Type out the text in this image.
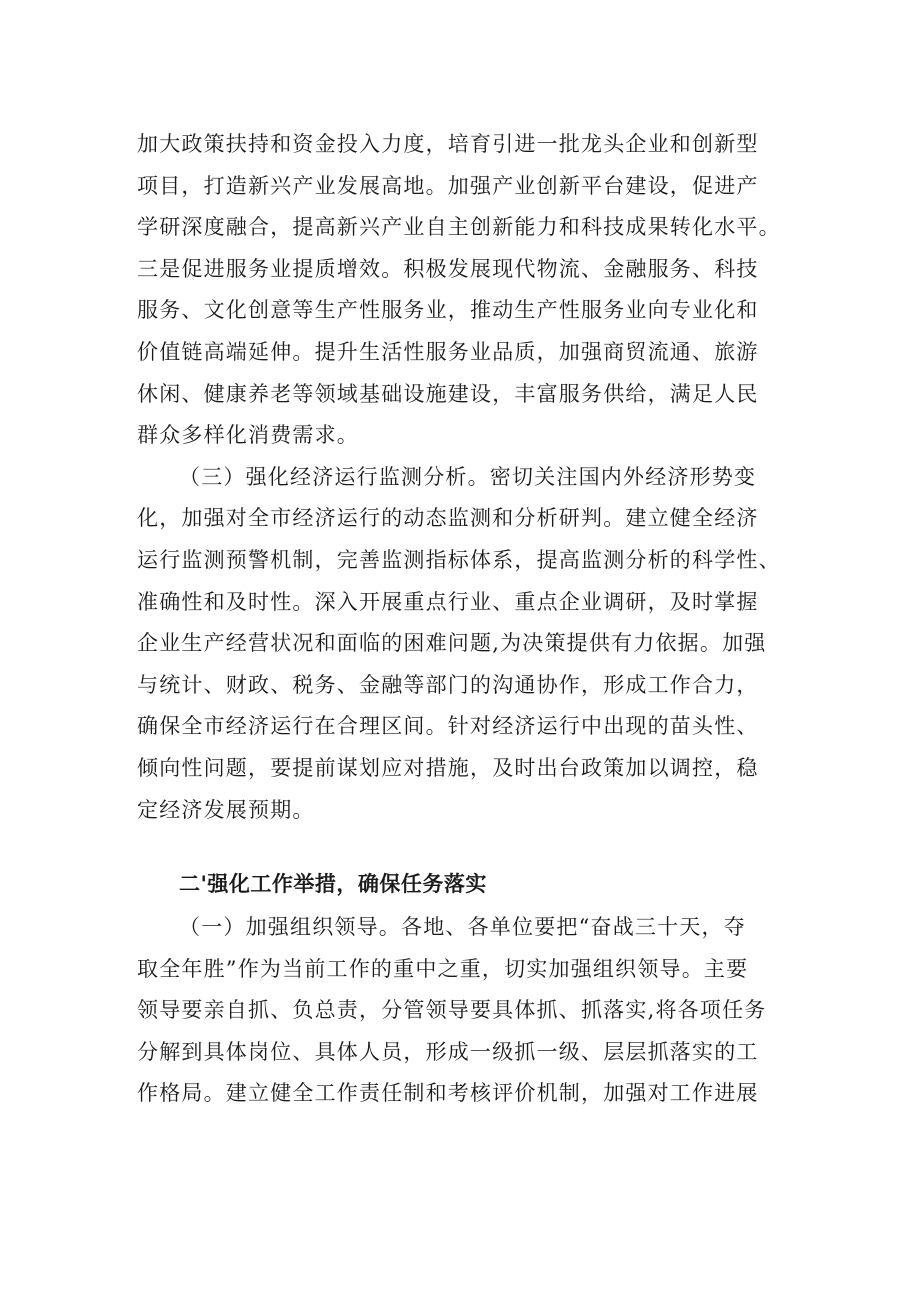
加大政策扶持和资金投入力度，培育引进一批龙头企业和创新型
项目，打造新兴产业发展高地。加强产业创新平台建设，促进产
学研深度融合，提高新兴产业自主创新能力和科技成果转化水平。
三是促进服务业提质增效。积极发展现代物流、金融服务、科技
服务、文化创意等生产性服务业，推动生产性服务业向专业化和
价值链高端延伸。提升生活性服务业品质，加强商贸流通、旅游
休闲、健康养老等领域基础设施建设，丰富服务供给，满足人民
群众多样化消费需求。
（三）强化经济运行监测分析。密切关注国内外经济形势变
化，加强对全市经济运行的动态监测和分析研判。建立健全经济
运行监测预警机制，完善监测指标体系，提高监测分析的科学性、
准确性和及时性。深入开展重点行业、重点企业调研，及时掌握
企业生产经营状况和面临的困难问题,为决策提供有力依据。加强
与统计、财政、税务、金融等部门的沟通协作，形成工作合力，
确保全市经济运行在合理区间。针对经济运行中出现的苗头性、
倾向性问题，要提前谋划应对措施，及时出台政策加以调控，稳
定经济发展预期。
二'强化工作举措，确保任务落实
（一）加强组织领导。各地、各单位要把“奋战三十天，夺
取全年胜”作为当前工作的重中之重，切实加强组织领导。主要
领导要亲自抓、负总责，分管领导要具体抓、抓落实,将各项任务
分解到具体岗位、具体人员，形成一级抓一级、层层抓落实的工
作格局。建立健全工作责任制和考核评价机制，加强对工作进展
